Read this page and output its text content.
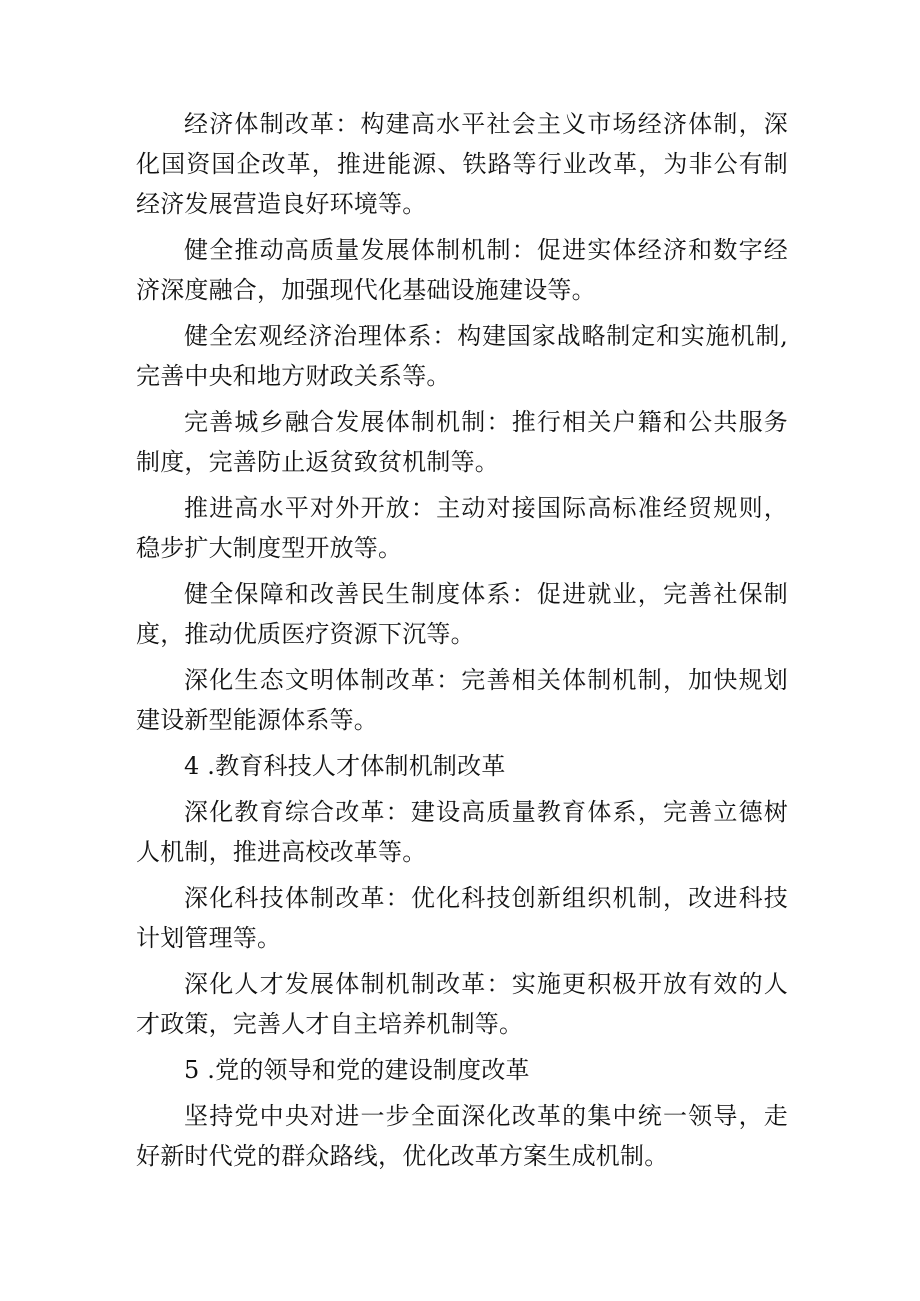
经济体制改革：构建高水平社会主义市场经济体制，深化国资国企改革，推进能源、铁路等行业改革，为非公有制经济发展营造良好环境等。

健全推动高质量发展体制机制：促进实体经济和数字经济深度融合，加强现代化基础设施建设等。

健全宏观经济治理体系：构建国家战略制定和实施机制,完善中央和地方财政关系等。

完善城乡融合发展体制机制：推行相关户籍和公共服务制度，完善防止返贫致贫机制等。

推进高水平对外开放：主动对接国际高标准经贸规则，稳步扩大制度型开放等。

健全保障和改善民生制度体系：促进就业，完善社保制度，推动优质医疗资源下沉等。

深化生态文明体制改革：完善相关体制机制，加快规划建设新型能源体系等。

4 .教育科技人才体制机制改革

深化教育综合改革：建设高质量教育体系，完善立德树人机制，推进高校改革等。

深化科技体制改革：优化科技创新组织机制，改进科技计划管理等。

深化人才发展体制机制改革：实施更积极开放有效的人才政策，完善人才自主培养机制等。

5 .党的领导和党的建设制度改革

坚持党中央对进一步全面深化改革的集中统一领导，走好新时代党的群众路线，优化改革方案生成机制。
